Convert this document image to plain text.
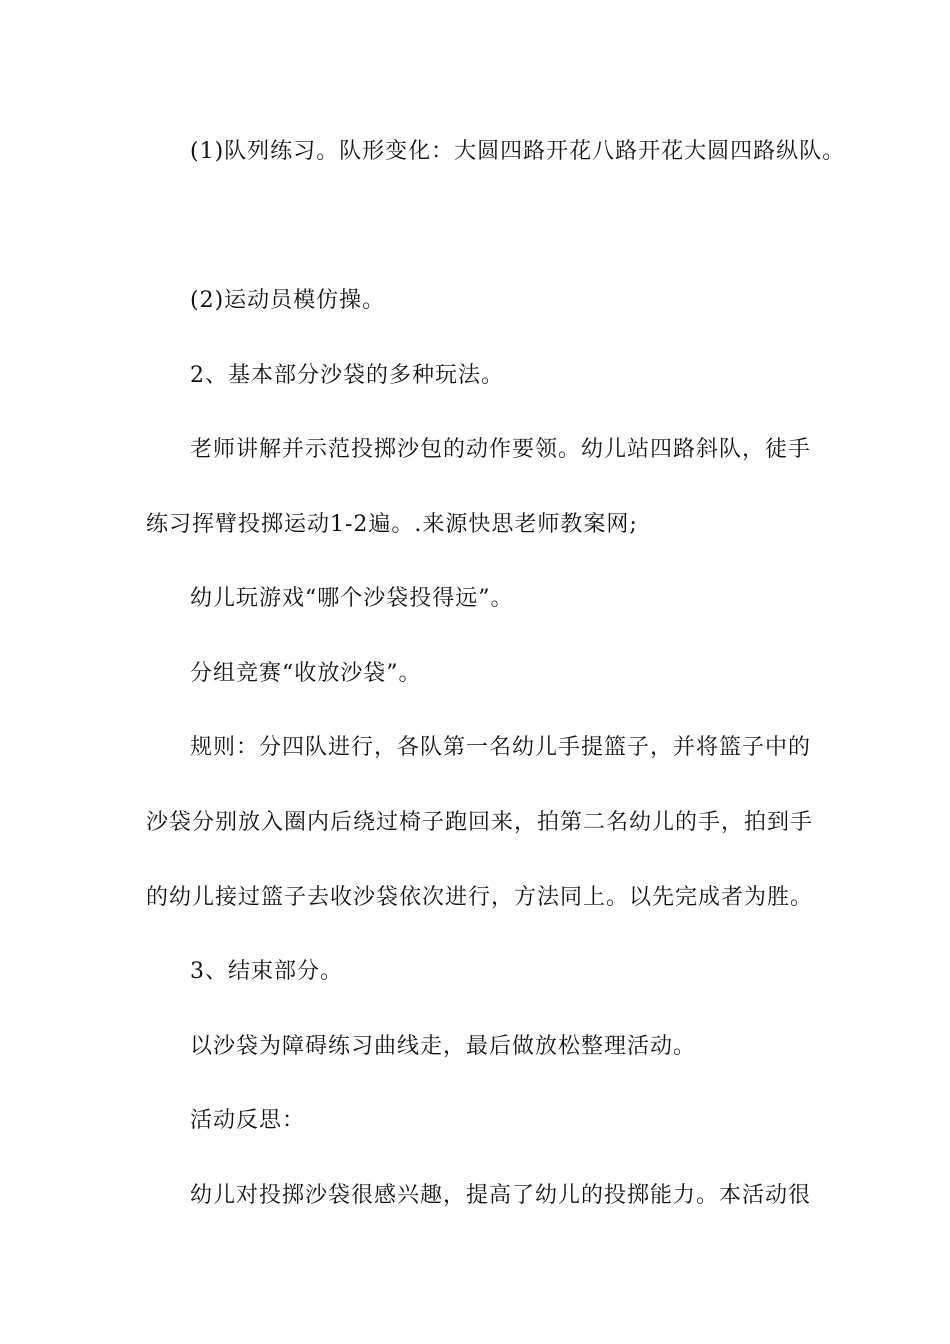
(1)队列练习。队形变化：大圆四路开花八路开花大圆四路纵队。
(2)运动员模仿操。
2、基本部分沙袋的多种玩法。
老师讲解并示范投掷沙包的动作要领。幼儿站四路斜队，徒手
练习挥臂投掷运动1-2遍。.来源快思老师教案网;
幼儿玩游戏“哪个沙袋投得远”。
分组竞赛“收放沙袋”。
规则：分四队进行，各队第一名幼儿手提篮子，并将篮子中的
沙袋分别放入圈内后绕过椅子跑回来，拍第二名幼儿的手，拍到手
的幼儿接过篮子去收沙袋依次进行，方法同上。以先完成者为胜。
3、结束部分。
以沙袋为障碍练习曲线走，最后做放松整理活动。
活动反思：
幼儿对投掷沙袋很感兴趣，提高了幼儿的投掷能力。本活动很
